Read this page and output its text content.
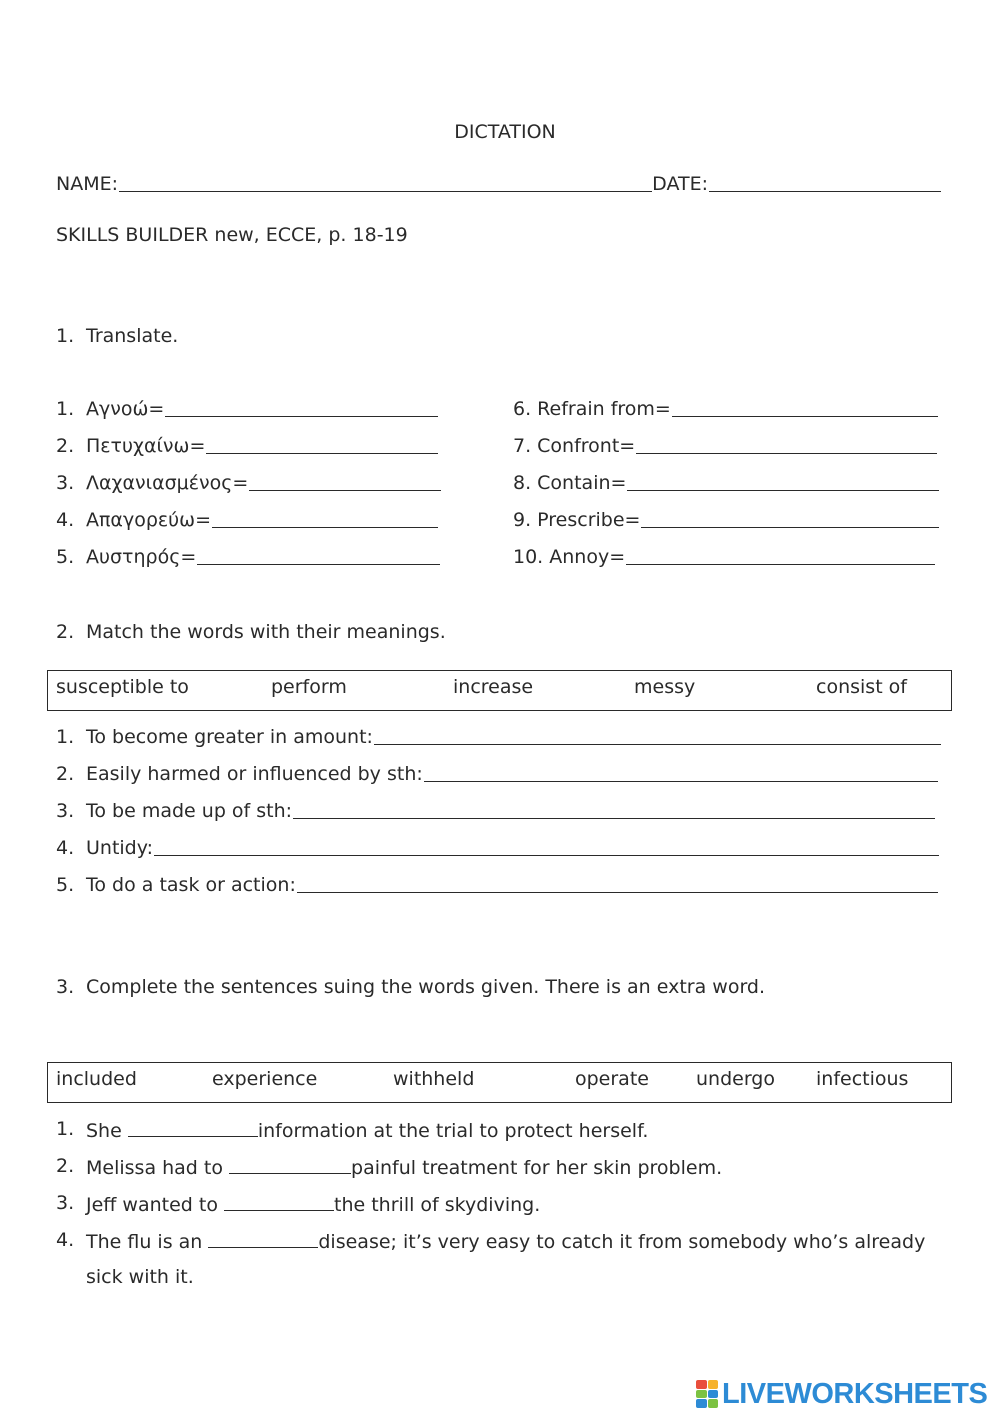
DICTATION
NAME:	DATE:
SKILLS BUILDER new, ECCE, p. 18-19
1. Translate.
1. Αγνοώ=
2. Πετυχαίνω=
3. Λαχανιασμένος=
4. Απαγορεύω=
5. Αυστηρός=
6. Refrain from=
7. Confront=
8. Contain=
9. Prescribe=
10. Annoy=
2. Match the words with their meanings.
susceptible to	perform	increase	messy	consist of
1. To become greater in amount:
2. Easily harmed or influenced by sth:
3. To be made up of sth:
4. Untidy:
5. To do a task or action:
3. Complete the sentences suing the words given. There is an extra word.
included	experience	withheld	operate undergo infectious
1. She	information at the trial to protect herself.
2. Melissa had to	painful treatment for her skin problem.
3. Jeff wanted to	the thrill of skydiving.
4. The flu is an	disease; it’s very easy to catch it from somebody who’s already
sick with it.
LIVEWORKSHEETS
